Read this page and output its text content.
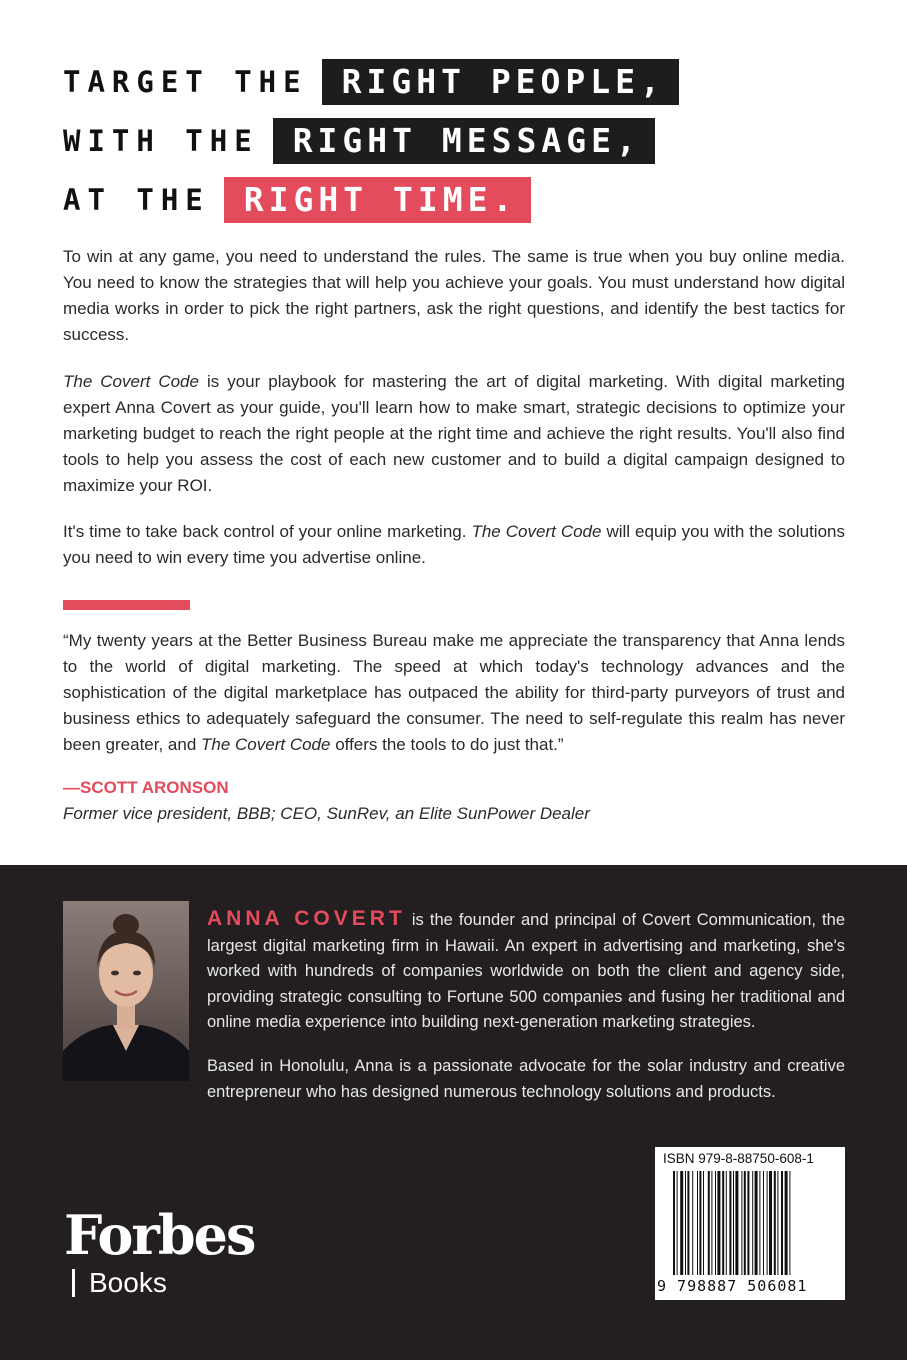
TARGET THE	RIGHT PEOPLE,
WITH THE	RIGHT MESSAGE,
AT THE	RIGHT TIME.

To win at any game, you need to understand the rules. The same is true when you buy online media. You need to know the strategies that will help you achieve your goals. You must understand how digital media works in order to pick the right partners, ask the right questions, and identify the best tactics for success.

The Covert Code is your playbook for mastering the art of digital marketing. With digital marketing expert Anna Covert as your guide, you'll learn how to make smart, strategic decisions to optimize your marketing budget to reach the right people at the right time and achieve the right results. You'll also find tools to help you assess the cost of each new customer and to build a digital campaign designed to maximize your ROI.

It's time to take back control of your online marketing. The Covert Code will equip you with the solutions you need to win every time you advertise online.

“My twenty years at the Better Business Bureau make me appreciate the transparency that Anna lends to the world of digital marketing. The speed at which today's technology advances and the sophistication of the digital marketplace has outpaced the ability for third-party purveyors of trust and business ethics to adequately safeguard the consumer. The need to self-regulate this realm has never been greater, and The Covert Code offers the tools to do just that.”

—SCOTT ARONSON
Former vice president, BBB; CEO, SunRev, an Elite SunPower Dealer

ANNA COVERT is the founder and principal of Covert Communication, the largest digital marketing firm in Hawaii. An expert in advertising and marketing, she's worked with hundreds of companies worldwide on both the client and agency side, providing strategic consulting to Fortune 500 companies and fusing her traditional and online media experience into building next-generation marketing strategies.

Based in Honolulu, Anna is a passionate advocate for the solar industry and creative entrepreneur who has designed numerous technology solutions and products.

Forbes
Books
ISBN 979-8-88750-608-1
9 798887 506081
